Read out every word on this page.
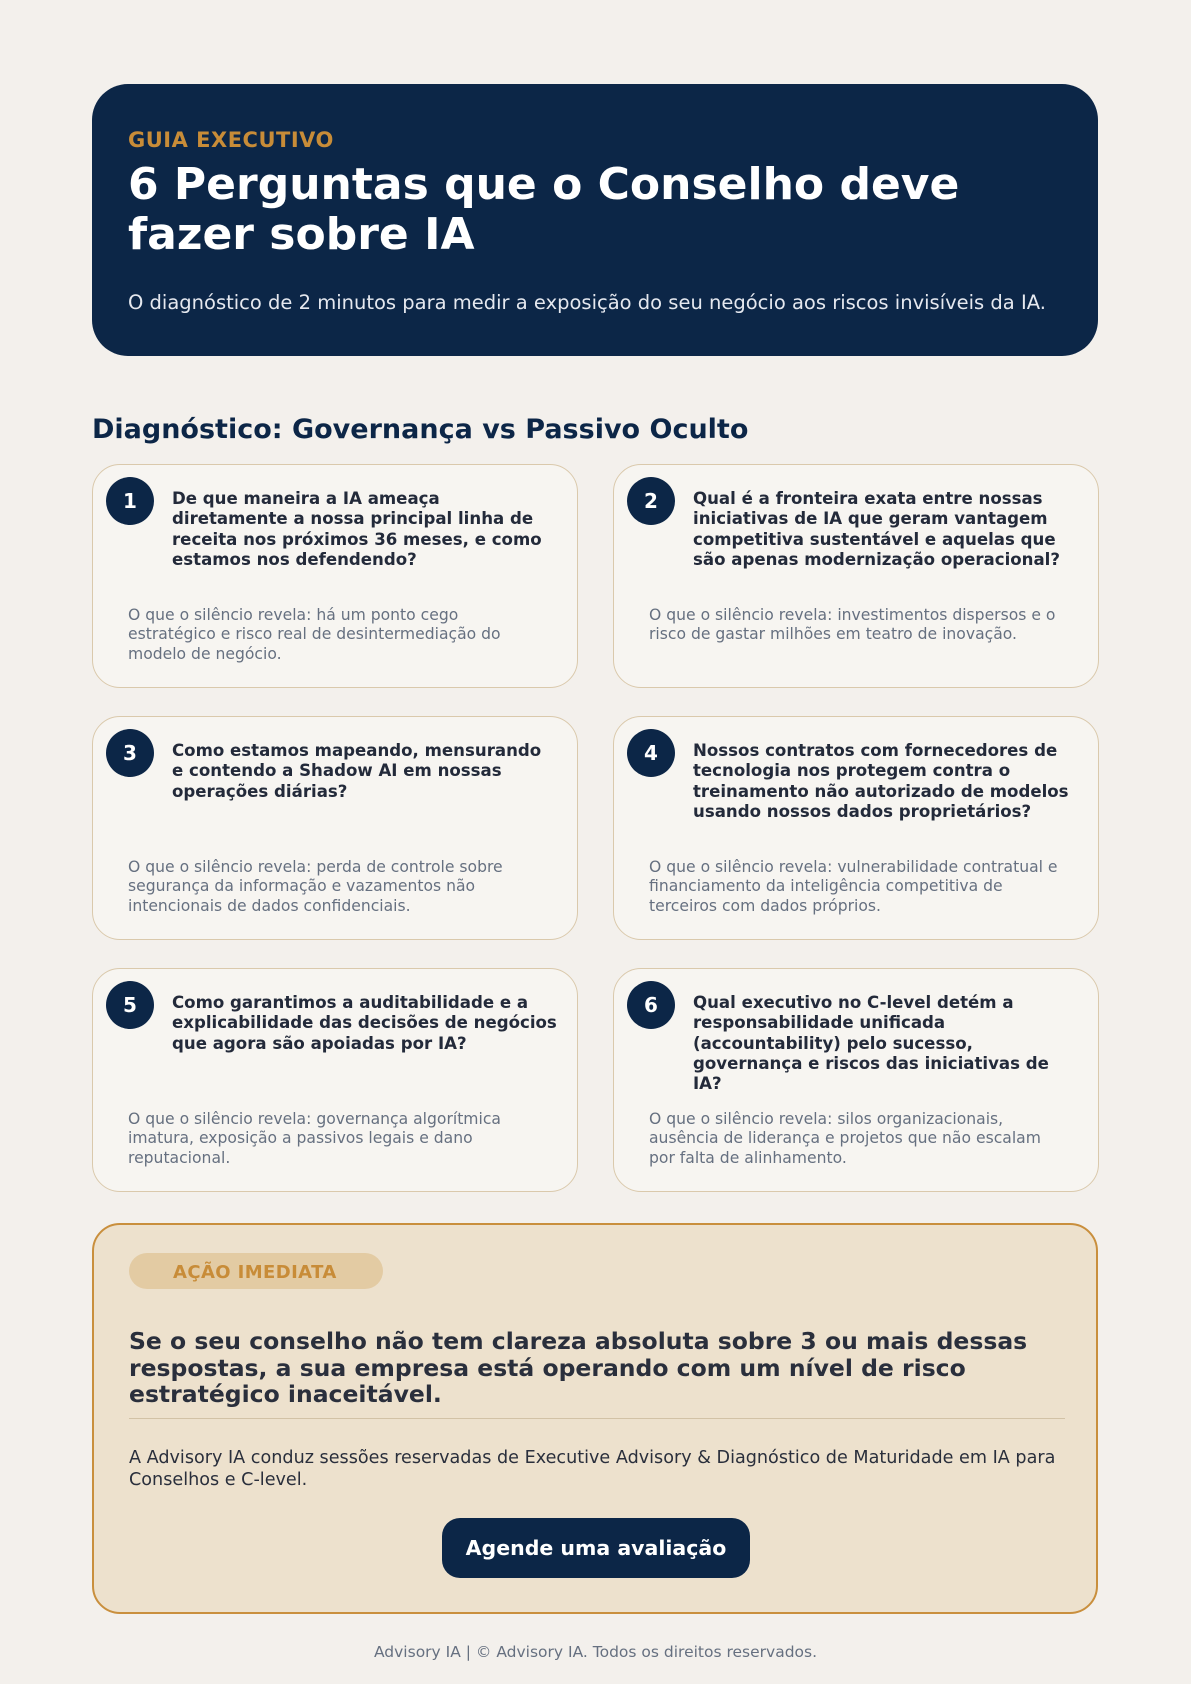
GUIA EXECUTIVO
6 Perguntas que o Conselho deve fazer sobre IA
O diagnóstico de 2 minutos para medir a exposição do seu negócio aos riscos invisíveis da IA.
Diagnóstico: Governança vs Passivo Oculto
1	De que maneira a IA ameaça diretamente a nossa principal linha de receita nos próximos 36 meses, e como estamos nos defendendo?
O que o silêncio revela: há um ponto cego estratégico e risco real de desintermediação do modelo de negócio.
2	Qual é a fronteira exata entre nossas iniciativas de IA que geram vantagem competitiva sustentável e aquelas que são apenas modernização operacional?
O que o silêncio revela: investimentos dispersos e o risco de gastar milhões em teatro de inovação.
3	Como estamos mapeando, mensurando e contendo a Shadow AI em nossas operações diárias?
O que o silêncio revela: perda de controle sobre segurança da informação e vazamentos não intencionais de dados confidenciais.
4	Nossos contratos com fornecedores de tecnologia nos protegem contra o treinamento não autorizado de modelos usando nossos dados proprietários?
O que o silêncio revela: vulnerabilidade contratual e financiamento da inteligência competitiva de terceiros com dados próprios.
5	Como garantimos a auditabilidade e a explicabilidade das decisões de negócios que agora são apoiadas por IA?
O que o silêncio revela: governança algorítmica imatura, exposição a passivos legais e dano reputacional.
6	Qual executivo no C-level detém a responsabilidade unificada (accountability) pelo sucesso, governança e riscos das iniciativas de IA?
O que o silêncio revela: silos organizacionais, ausência de liderança e projetos que não escalam por falta de alinhamento.
AÇÃO IMEDIATA
Se o seu conselho não tem clareza absoluta sobre 3 ou mais dessas respostas, a sua empresa está operando com um nível de risco estratégico inaceitável.
A Advisory IA conduz sessões reservadas de Executive Advisory & Diagnóstico de Maturidade em IA para Conselhos e C-level.
Agende uma avaliação
Advisory IA | © Advisory IA. Todos os direitos reservados.
